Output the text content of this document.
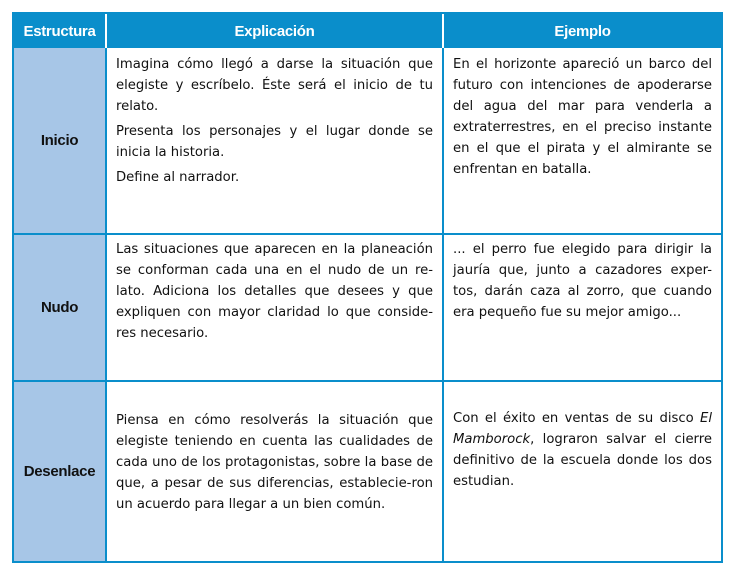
Estructura	Explicación	Ejemplo
Inicio

Imagina cómo llegó a darse la situación que elegiste y escríbelo. Éste será el inicio de tu relato.

Presenta los personajes y el lugar donde se inicia la historia.

Define al narrador.

En el horizonte apareció un barco del futuro con intenciones de apoderarse del agua del mar para venderla a extraterrestres, en el preciso instante en el que el pirata y el almirante se enfrentan en batalla.

Nudo

Las situaciones que aparecen en la planeación se conforman cada una en el nudo de un re-lato. Adiciona los detalles que desees y que expliquen con mayor claridad lo que conside-res necesario.

... el perro fue elegido para dirigir la jauría que, junto a cazadores exper-tos, darán caza al zorro, que cuando era pequeño fue su mejor amigo...

Desenlace

Piensa en cómo resolverás la situación que elegiste teniendo en cuenta las cualidades de cada uno de los protagonistas, sobre la base de que, a pesar de sus diferencias, establecie-ron un acuerdo para llegar a un bien común.

Con el éxito en ventas de su disco El Mamborock, lograron salvar el cierre definitivo de la escuela donde los dos estudian.
